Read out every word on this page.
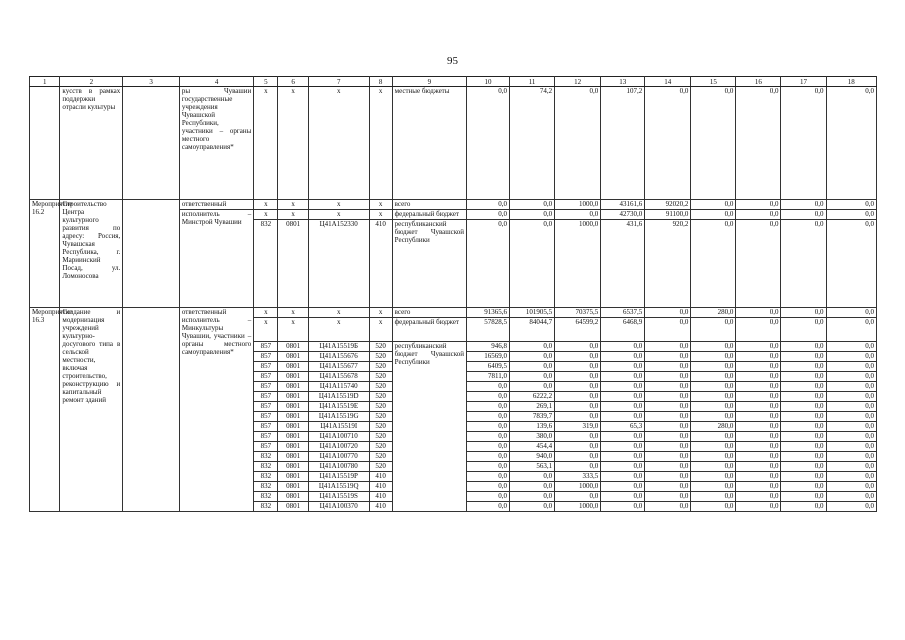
95
1	2	3	4	5	6	7	8	9	10	11	12	13	14	15	16	17	18
	кусств в рамках поддержки отрасли культуры		ры Чувашии государственные учреждения Чувашской Республики, участники – органы местного самоуправления*	x	x	x	x	местные бюджеты	0,0	74,2	0,0	107,2	0,0	0,0	0,0	0,0	0,0
Мероприятие 16.2	Строительство Центра культурного развития по адресу: Россия, Чувашская Республика, г. Мариинский Посад, ул. Ломоносова		ответственный	x	x	x	x	всего	0,0	0,0	1000,0	43161,6	92020,2	0,0	0,0	0,0	0,0
			исполнитель – Минстрой Чувашии	x	x	x	x	федеральный бюджет	0,0	0,0	0,0	42730,0	91100,0	0,0	0,0	0,0	0,0
				832	0801	Ц41А152330	410	республиканский бюджет Чувашской Республики	0,0	0,0	1000,0	431,6	920,2	0,0	0,0	0,0	0,0
Мероприятие 16.3	Создание и модернизация учреждений культурно-досугового типа в сельской местности, включая строительство, реконструкцию и капитальный ремонт зданий		ответственный исполнитель – Минкультуры Чувашии, участники – органы местного самоуправления*	x	x	x	x	всего	91365,6	101905,5	70375,5	6537,5	0,0	280,0	0,0	0,0	0,0
				x	x	x	x	федеральный бюджет	57828,5	84044,7	64599,2	6468,9	0,0	0,0	0,0	0,0	0,0
				857	0801	Ц41А15519Б	520	республиканский бюджет Чувашской Республики	946,8	0,0	0,0	0,0	0,0	0,0	0,0	0,0	0,0
				857	0801	Ц41А155676	520		16569,0	0,0	0,0	0,0	0,0	0,0	0,0	0,0	0,0
				857	0801	Ц41А155677	520		6409,5	0,0	0,0	0,0	0,0	0,0	0,0	0,0	0,0
				857	0801	Ц41А155678	520		7811,0	0,0	0,0	0,0	0,0	0,0	0,0	0,0	0,0
				857	0801	Ц41А115740	520		0,0	0,0	0,0	0,0	0,0	0,0	0,0	0,0	0,0
				857	0801	Ц41А15519D	520		0,0	6222,2	0,0	0,0	0,0	0,0	0,0	0,0	0,0
				857	0801	Ц41А15519E	520		0,0	269,1	0,0	0,0	0,0	0,0	0,0	0,0	0,0
				857	0801	Ц41А15519G	520		0,0	7839,7	0,0	0,0	0,0	0,0	0,0	0,0	0,0
				857	0801	Ц41А15519I	520		0,0	139,6	319,0	65,3	0,0	280,0	0,0	0,0	0,0
				857	0801	Ц41А100710	520		0,0	380,0	0,0	0,0	0,0	0,0	0,0	0,0	0,0
				857	0801	Ц41А100720	520		0,0	454,4	0,0	0,0	0,0	0,0	0,0	0,0	0,0
				832	0801	Ц41А100770	520		0,0	940,0	0,0	0,0	0,0	0,0	0,0	0,0	0,0
				832	0801	Ц41А100780	520		0,0	563,1	0,0	0,0	0,0	0,0	0,0	0,0	0,0
				832	0801	Ц41А15519P	410		0,0	0,0	333,5	0,0	0,0	0,0	0,0	0,0	0,0
				832	0801	Ц41А15519Q	410		0,0	0,0	1000,0	0,0	0,0	0,0	0,0	0,0	0,0
				832	0801	Ц41А15519S	410		0,0	0,0	0,0	0,0	0,0	0,0	0,0	0,0	0,0
				832	0801	Ц41А100370	410		0,0	0,0	1000,0	0,0	0,0	0,0	0,0	0,0	0,0
